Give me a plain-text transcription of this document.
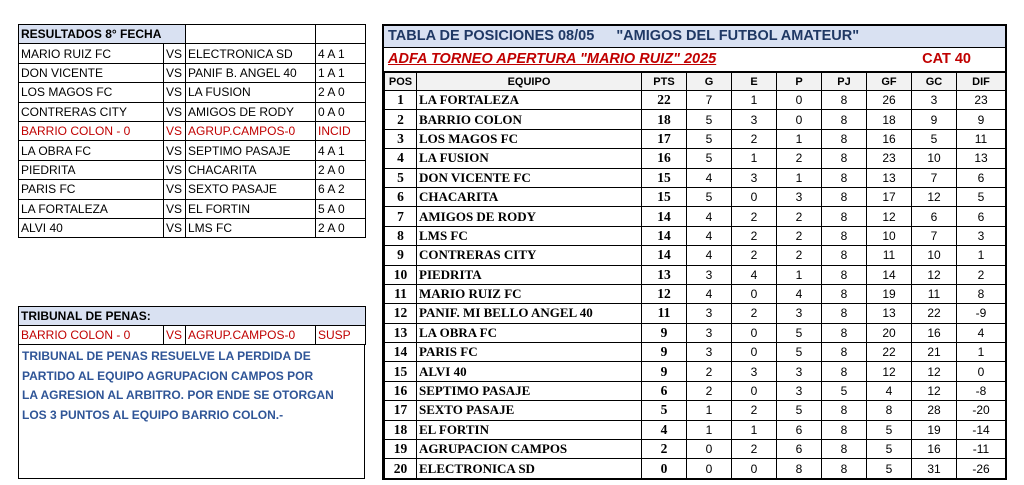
RESULTADOS 8° FECHA			
MARIO RUIZ FC	VS	ELECTRONICA SD	4 A 1
DON VICENTE	VS	PANIF B. ANGEL 40	1 A 1
LOS MAGOS FC	VS	LA FUSION	2 A 0
CONTRERAS CITY	VS	AMIGOS DE RODY	0 A 0
BARRIO COLON - 0	VS	AGRUP.CAMPOS-0	INCID
LA OBRA FC	VS	SEPTIMO PASAJE	4 A 1
PIEDRITA	VS	CHACARITA	2 A 0
PARIS FC	VS	SEXTO PASAJE	6 A 2
LA FORTALEZA	VS	EL FORTIN	5 A 0
ALVI 40	VS	LMS FC	2 A 0
TRIBUNAL DE PENAS:
BARRIO COLON - 0	VS	AGRUP.CAMPOS-0	SUSP
TRIBUNAL DE PENAS RESUELVE LA PERDIDA DE
PARTIDO AL EQUIPO AGRUPACION CAMPOS POR
LA AGRESION AL ARBITRO. POR ENDE SE OTORGAN
LOS 3 PUNTOS AL EQUIPO BARRIO COLON.-
TABLA DE POSICIONES 08/05 "AMIGOS DEL FUTBOL AMATEUR"
ADFA TORNEO APERTURA "MARIO RUIZ" 2025	CAT 40
POS	EQUIPO	PTS	G	E	P	PJ	GF	GC	DIF
1	LA FORTALEZA	22	7	1	0	8	26	3	23
2	BARRIO COLON	18	5	3	0	8	18	9	9
3	LOS MAGOS FC	17	5	2	1	8	16	5	11
4	LA FUSION	16	5	1	2	8	23	10	13
5	DON VICENTE FC	15	4	3	1	8	13	7	6
6	CHACARITA	15	5	0	3	8	17	12	5
7	AMIGOS DE RODY	14	4	2	2	8	12	6	6
8	LMS FC	14	4	2	2	8	10	7	3
9	CONTRERAS CITY	14	4	2	2	8	11	10	1
10	PIEDRITA	13	3	4	1	8	14	12	2
11	MARIO RUIZ FC	12	4	0	4	8	19	11	8
12	PANIF. MI BELLO ANGEL 40	11	3	2	3	8	13	22	-9
13	LA OBRA FC	9	3	0	5	8	20	16	4
14	PARIS FC	9	3	0	5	8	22	21	1
15	ALVI 40	9	2	3	3	8	12	12	0
16	SEPTIMO PASAJE	6	2	0	3	5	4	12	-8
17	SEXTO PASAJE	5	1	2	5	8	8	28	-20
18	EL FORTIN	4	1	1	6	8	5	19	-14
19	AGRUPACION CAMPOS	2	0	2	6	8	5	16	-11
20	ELECTRONICA SD	0	0	0	8	8	5	31	-26
